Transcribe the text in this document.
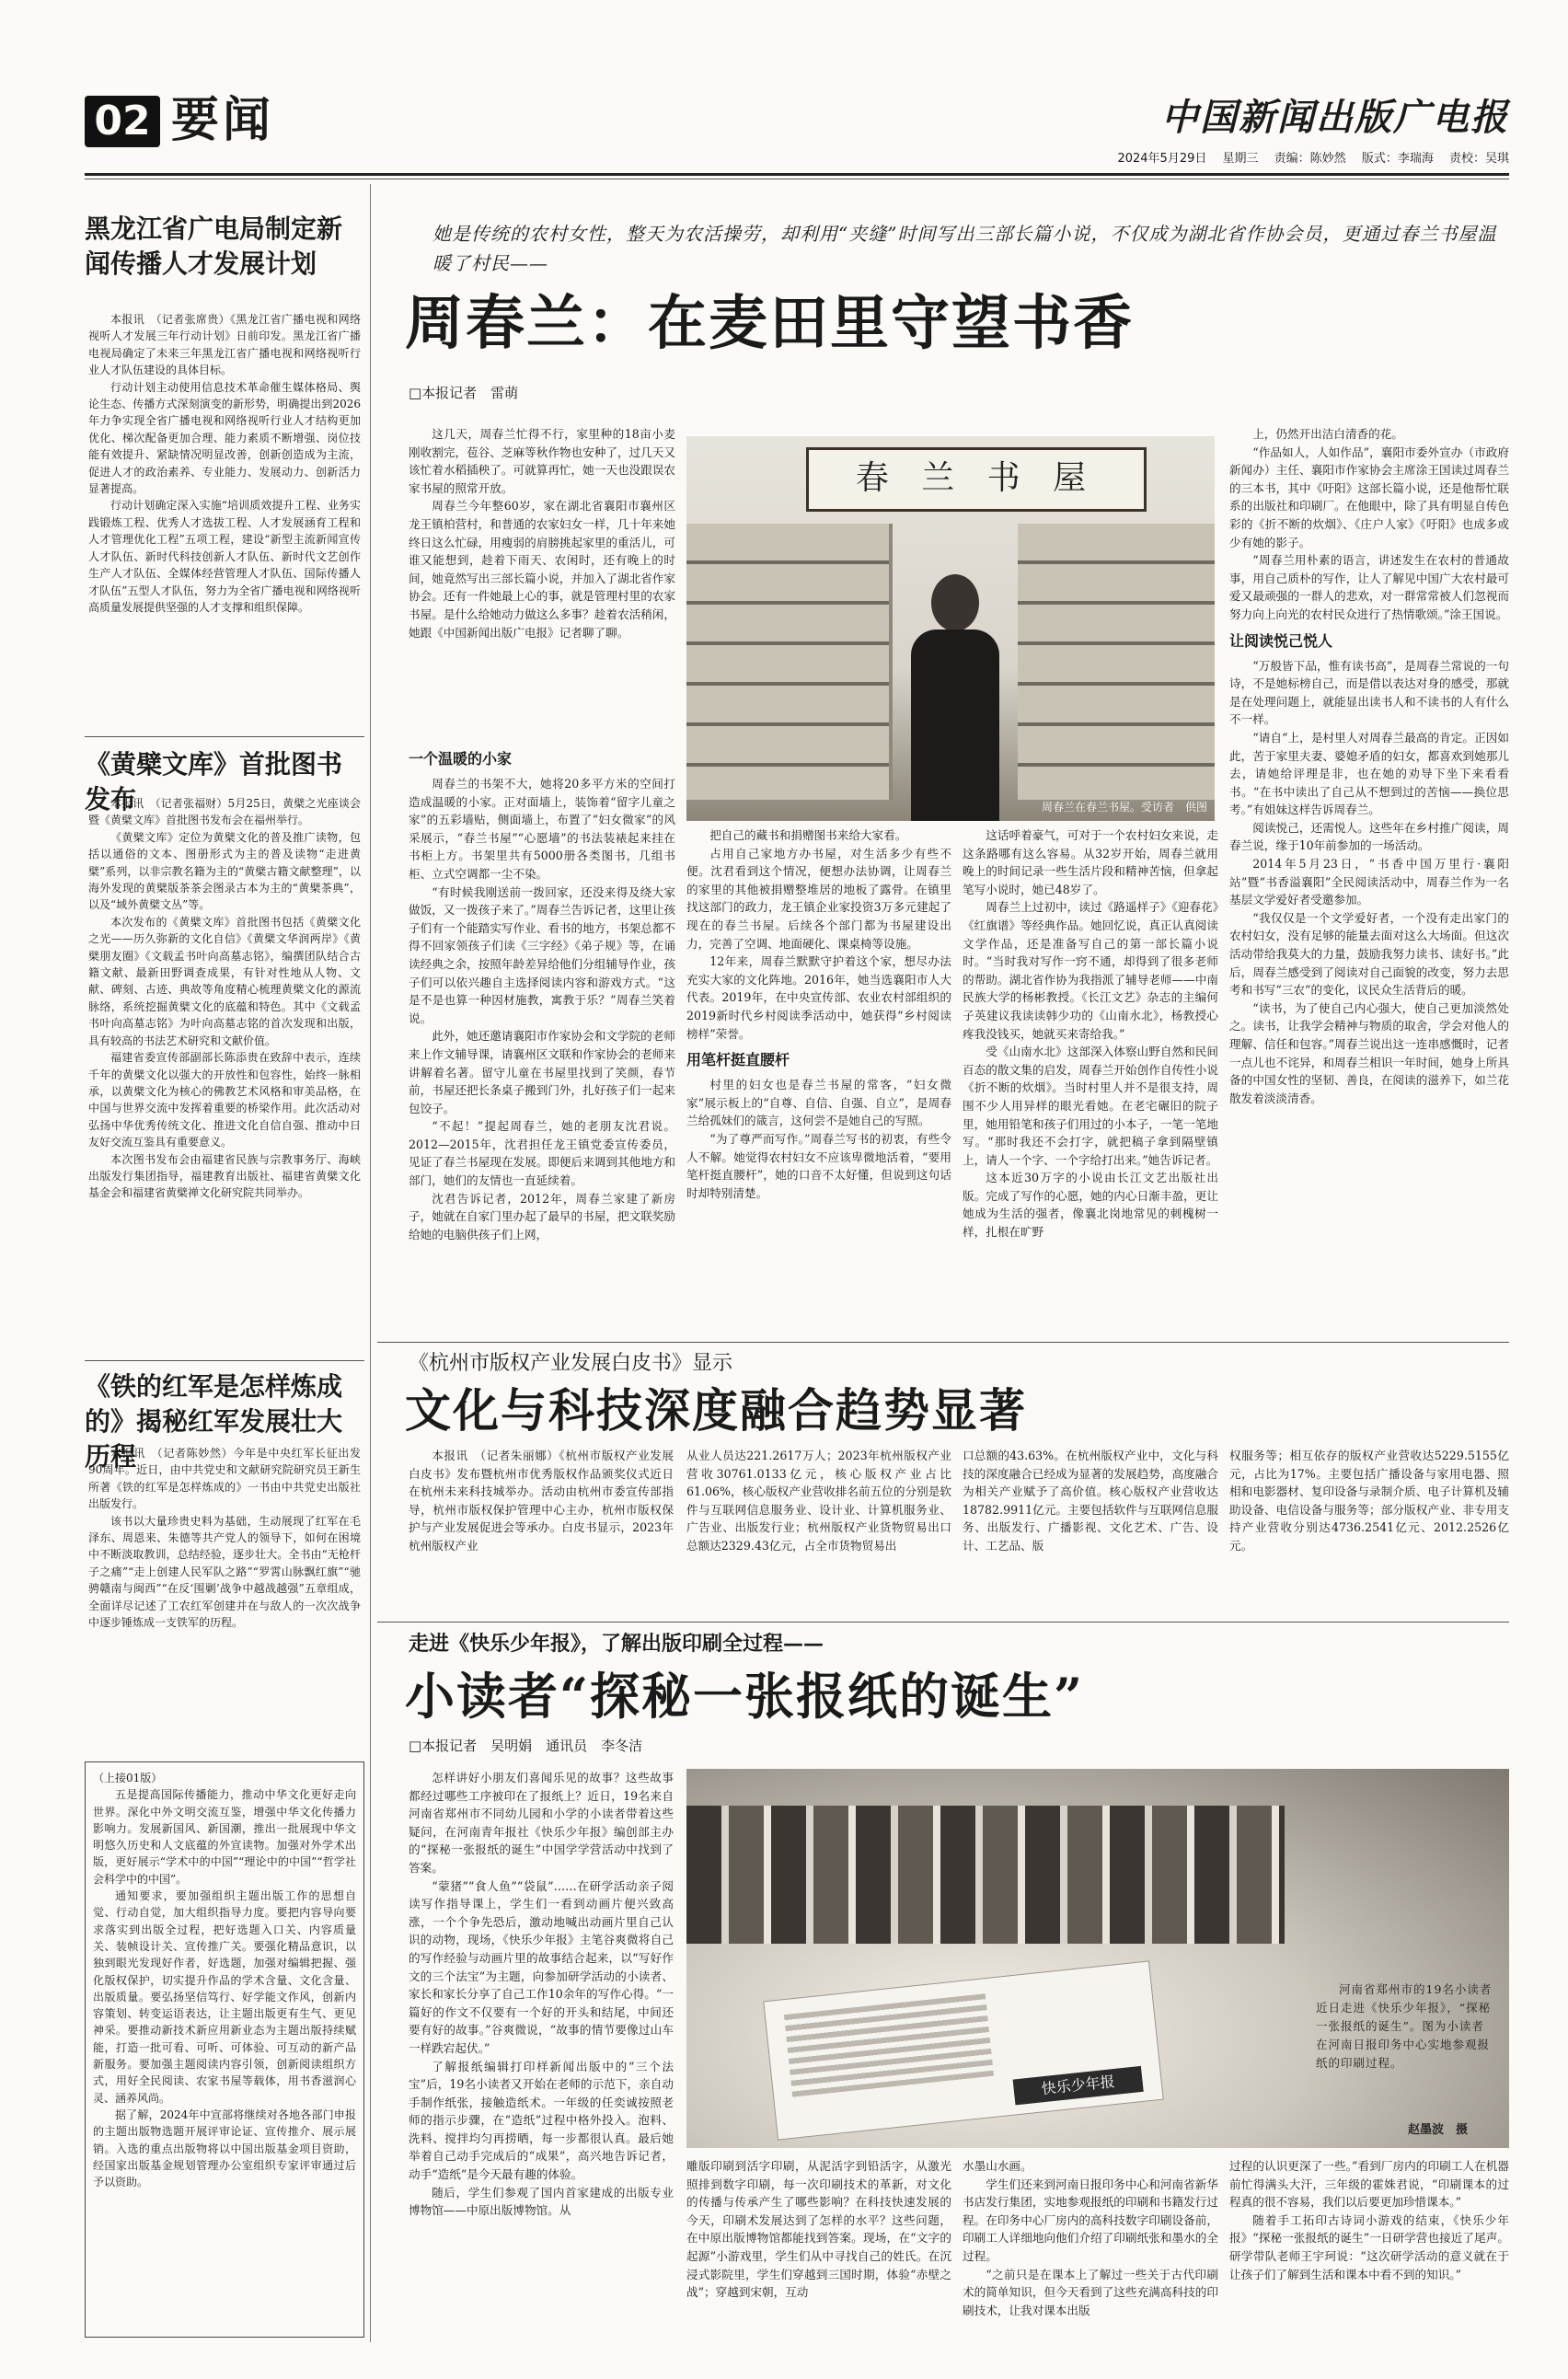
02 要闻	中国新闻出版广电报
2024年5月29日　 星期三　 责编：陈妙然　 版式：李瑞海　 责校：吴琪
黑龙江省广电局制定新闻传播人才发展计划

本报讯　（记者张席贵）《黑龙江省广播电视和网络视听人才发展三年行动计划》日前印发。黑龙江省广播电视局确定了未来三年黑龙江省广播电视和网络视听行业人才队伍建设的具体目标。

行动计划主动使用信息技术革命催生媒体格局、舆论生态、传播方式深刻演变的新形势，明确提出到2026年力争实现全省广播电视和网络视听行业人才结构更加优化、梯次配备更加合理、能力素质不断增强、岗位技能有效提升、紧缺情况明显改善，创新创造成为主流，促进人才的政治素养、专业能力、发展动力、创新活力显著提高。

行动计划确定深入实施“培训质效提升工程、业务实践锻炼工程、优秀人才选拔工程、人才发展涵育工程和人才管理优化工程”五项工程，建设“新型主流新闻宣传人才队伍、新时代科技创新人才队伍、新时代文艺创作生产人才队伍、全媒体经营管理人才队伍、国际传播人才队伍”五型人才队伍，努力为全省广播电视和网络视听高质量发展提供坚强的人才支撑和组织保障。

《黄檗文库》首批图书发布

本报讯　（记者张福财）5月25日，黄檗之光座谈会暨《黄檗文库》首批图书发布会在福州举行。

《黄檗文库》定位为黄檗文化的普及推广读物，包括以通俗的文本、图册形式为主的普及读物“走进黄檗”系列，以非宗教名籍为主的“黄檗古籍文献整理”，以海外发现的黄檗版茶茶会图录古本为主的“黄檗茶典”，以及“域外黄檗文丛”等。

本次发布的《黄檗文库》首批图书包括《黄檗文化之光——历久弥新的文化自信》《黄檗文华润两岸》《黄檗朋友圈》《文载孟书叶向高墓志铭》，编撰团队结合古籍文献、最新田野调查成果，有针对性地从人物、文献、碑刻、古迹、典故等角度精心梳理黄檗文化的源流脉络，系统挖掘黄檗文化的底蕴和特色。其中《文载孟书叶向高墓志铭》为叶向高墓志铭的首次发现和出版，具有较高的书法艺术研究和文献价值。

福建省委宣传部副部长陈添贵在致辞中表示，连续千年的黄檗文化以强大的开放性和包容性，始终一脉相承，以黄檗文化为核心的佛教艺术风格和审美品格，在中国与世界交流中发挥着重要的桥梁作用。此次活动对弘扬中华优秀传统文化、推进文化自信自强、推动中日友好交流互鉴具有重要意义。

本次图书发布会由福建省民族与宗教事务厅、海峡出版发行集团指导，福建教育出版社、福建省黄檗文化基金会和福建省黄檗禅文化研究院共同举办。

《铁的红军是怎样炼成的》揭秘红军发展壮大历程

本报讯　（记者陈妙然）今年是中央红军长征出发90周年。近日，由中共党史和文献研究院研究员王新生所著《铁的红军是怎样炼成的》一书由中共党史出版社出版发行。

该书以大量珍贵史料为基础，生动展现了红军在毛泽东、周恩来、朱德等共产党人的领导下，如何在困境中不断淡取教训，总结经验，逐步壮大。全书由“无枪杆子之痛”“走上创建人民军队之路”“罗霄山脉飘红旗”“驰骋赣南与闽西”“在反‘围剿’战争中越战越强”五章组成，全面详尽记述了工农红军创建并在与敌人的一次次战争中逐步锤炼成一支铁军的历程。

（上接01版）

五是提高国际传播能力，推动中华文化更好走向世界。深化中外文明交流互鉴，增强中华文化传播力影响力。发展新国风、新国潮，推出一批展现中华文明悠久历史和人文底蕴的外宣读物。加强对外学术出版，更好展示“学术中的中国”“理论中的中国”“哲学社会科学中的中国”。

通知要求，要加强组织主题出版工作的思想自觉、行动自觉，加大组织指导力度。要把内容导向要求落实到出版全过程，把好选题入口关、内容质量关、装帧设计关、宣传推广关。要强化精品意识，以独到眼光发现好作者，好选题，加强对编辑把握、强化版权保护，切实提升作品的学术含量、文化含量、出版质量。要弘扬坚信笃行、好学能文作风，创新内容策划、转变运语表达，让主题出版更有生气、更见神采。要推动新技术新应用新业态为主题出版持续赋能，打造一批可看、可听、可体验、可互动的新产品新服务。要加强主题阅读内容引领，创新阅读组织方式，用好全民阅读、农家书屋等载体，用书香滋润心灵、涵养风尚。

据了解，2024年中宣部将继续对各地各部门申报的主题出版物选题开展评审论证、宣传推介、展示展销。入选的重点出版物将以中国出版基金项目资助，经国家出版基金规划管理办公室组织专家评审通过后予以资助。

她是传统的农村女性，整天为农活操劳，却利用“夹缝”时间写出三部长篇小说，不仅成为湖北省作协会员，更通过春兰书屋温暖了村民——
周春兰：在麦田里守望书香
□本报记者　雷萌

这几天，周春兰忙得不行，家里种的18亩小麦刚收割完，苞谷、芝麻等秋作物也安种了，过几天又该忙着水稻插秧了。可就算再忙，她一天也没跟误农家书屋的照常开放。

周春兰今年整60岁，家在湖北省襄阳市襄州区龙王镇柏营村，和普通的农家妇女一样，几十年来她终日这么忙碌，用瘦弱的肩膀挑起家里的重活儿，可谁又能想到，趁着下雨天、农闲时，还有晚上的时间，她竟然写出三部长篇小说，并加入了湖北省作家协会。还有一件她最上心的事，就是管理村里的农家书屋。是什么给她动力做这么多事？趁着农活稍闲，她跟《中国新闻出版广电报》记者聊了聊。

一个温暖的小家

周春兰的书架不大，她将20多平方米的空间打造成温暖的小家。正对面墙上，装饰着“留字儿童之家”的五彩墙贴，侧面墙上，布置了“妇女微家”的风采展示，“春兰书屋”“心愿墙”的书法装裱起来挂在书柜上方。书架里共有5000册各类图书，几组书柜、立式空调都一尘不染。

“有时候我刚送前一拨回家，还没来得及绕大家做饭，又一拨孩子来了。”周春兰告诉记者，这里让孩子们有一个能踏实写作业、看书的地方，书架总都不得不回家领孩子们读《三字经》《弟子规》等，在诵读经典之余，按照年龄差异给他们分组辅导作业，孩子们可以依兴趣自主选择阅读内容和游戏方式。“这是不是也算一种因材施教，寓教于乐？”周春兰笑着说。

此外，她还邀请襄阳市作家协会和文学院的老师来上作文辅导课，请襄州区文联和作家协会的老师来讲解着名著。留守儿童在书屋里找到了笑颜，春节前，书屋还把长条桌子搬到门外，扎好孩子们一起来包饺子。

“不起！”提起周春兰，她的老朋友沈君说。2012—2015年，沈君担任龙王镇党委宣传委员，见证了春兰书屋现在发展。即便后来调到其他地方和部门，她们的友情也一直延续着。

沈君告诉记者，2012年，周春兰家建了新房子，她就在自家门里办起了最早的书屋，把文联奖励给她的电脑供孩子们上网，

春 兰 书 屋
周春兰在春兰书屋。受访者　供图

把自己的藏书和捐赠图书来给大家看。

占用自己家地方办书屋，对生活多少有些不便。沈君看到这个情况，便想办法协调，让周春兰的家里的其他被捐赠整堆居的地板了露骨。在镇里找这部门的政力，龙王镇企业家投资3万多元建起了现在的春兰书屋。后续各个部门都为书屋建设出力，完善了空调、地面硬化、课桌椅等设施。

12年来，周春兰默默守护着这个家，想尽办法充实大家的文化阵地。2016年，她当选襄阳市人大代表。2019年，在中央宣传部、农业农村部组织的2019新时代乡村阅读季活动中，她获得“乡村阅读榜样”荣誉。

用笔杆挺直腰杆

村里的妇女也是春兰书屋的常客，“妇女微家”展示板上的“自尊、自信、自强、自立”，是周春兰给孤妹们的箴言，这何尝不是她自己的写照。

“为了尊严而写作。”周春兰写书的初衷，有些令人不解。她觉得农村妇女不应该卑微地活着，“要用笔杆挺直腰杆”，她的口音不太好懂，但说到这句话时却特别清楚。

这话呼着豪气，可对于一个农村妇女来说，走这条路哪有这么容易。从32岁开始，周春兰就用晚上的时间记录一些生活片段和精神苦恼，但拿起笔写小说时，她已48岁了。

周春兰上过初中，读过《路遥样子》《迎春花》《红旗谱》等经典作品。她回忆说，真正认真阅读文学作品，还是准备写自己的第一部长篇小说时。“当时我对写作一窍不通，却得到了很多老师的帮助。湖北省作协为我指派了辅导老师——中南民族大学的杨彬教授。《长江文艺》杂志的主编何子英建议我读读韩少功的《山南水北》，杨教授心疼我没钱买，她就买来寄给我。”

受《山南水北》这部深入体察山野自然和民间百态的散文集的启发，周春兰开始创作自传性小说《折不断的炊烟》。当时村里人并不是很支持，周围不少人用异样的眼光看她。在老宅碾旧的院子里，她用铅笔和孩子们用过的小本子，一笔一笔地写。“那时我还不会打字，就把稿子拿到隔壁镇上，请人一个字、一个字给打出来。”她告诉记者。

这本近30万字的小说由长江文艺出版社出版。完成了写作的心愿，她的内心日渐丰盈，更让她成为生活的强者，像襄北岗地常见的刺槐树一样，扎根在旷野

上，仍然开出洁白清香的花。

“作品如人，人如作品”，襄阳市委外宣办（市政府新闻办）主任、襄阳市作家协会主席涂王国读过周春兰的三本书，其中《吁阳》这部长篇小说，还是他帮忙联系的出版社和印刷厂。在他眼中，除了具有明显自传色彩的《折不断的炊烟》、《庄户人家》《吁阳》也成多或少有她的影子。

“周春兰用朴素的语言，讲述发生在农村的普通故事，用自己质朴的写作，让人了解见中国广大农村最可爱又最顽强的一群人的悲欢，对一群常常被人们忽视而努力向上向光的农村民众进行了热情歌颂。”涂王国说。

让阅读悦己悦人

“万般皆下品，惟有读书高”，是周春兰常说的一句诗，不是她标榜自己，而是借以表达对身的感受，那就是在处理问题上，就能显出读书人和不读书的人有什么不一样。

“请自“上，是村里人对周春兰最高的肯定。正因如此，苦于家里夫妻、婆媳矛盾的妇女，都喜欢到她那儿去，请她给评理是非，也在她的劝导下坐下来看看书。“在书中读出了自己从不想到过的苦恼——换位思考。”有姐妹这样告诉周春兰。

阅读悦己，还需悦人。这些年在乡村推广阅读，周春兰说，缘于10年前参加的一场活动。

2014年5月23日，“书香中国万里行·襄阳站”暨“书香溢襄阳”全民阅读活动中，周春兰作为一名基层文学爱好者受邀参加。

“我仅仅是一个文学爱好者，一个没有走出家门的农村妇女，没有足够的能量去面对这么大场面。但这次活动带给我莫大的力量，鼓励我努力读书、读好书。”此后，周春兰感受到了阅读对自己面貌的改变，努力去思考和书写“三农”的变化，议民众生活背后的暖。

“读书，为了使自己内心强大，使自己更加淡然处之。读书，让我学会精神与物质的取舍，学会对他人的理解、信任和包容。”周春兰说出这一连串感慨时，记者一点儿也不诧异，和周春兰相识一年时间，她身上所具备的中国女性的坚韧、善良，在阅读的滋养下，如兰花散发着淡淡清香。

《杭州市版权产业发展白皮书》显示
文化与科技深度融合趋势显著

本报讯　（记者朱丽娜）《杭州市版权产业发展白皮书》发布暨杭州市优秀版权作品颁奖仪式近日在杭州未来科技城举办。活动由杭州市委宣传部指导，杭州市版权保护管理中心主办，杭州市版权保护与产业发展促进会等承办。白皮书显示，2023年杭州版权产业

从业人员达221.2617万人；2023年杭州版权产业营收30761.0133亿元，核心版权产业占比61.06%，核心版权产业营收排名前五位的分别是软件与互联网信息服务业、设计业、计算机服务业、广告业、出版发行业；杭州版权产业货物贸易出口总额达2329.43亿元，占全市货物贸易出

口总额的43.63%。在杭州版权产业中，文化与科技的深度融合已经成为显著的发展趋势，高度融合为相关产业赋予了高价值。核心版权产业营收达18782.9911亿元。主要包括软件与互联网信息服务、出版发行、广播影视、文化艺术、广告、设计、工艺品、版

权服务等；相互依存的版权产业营收达5229.5155亿元，占比为17%。主要包括广播设备与家用电器、照相和电影器材、复印设备与录制介质、电子计算机及辅助设备、电信设备与服务等；部分版权产业、非专用支持产业营收分别达4736.2541亿元、2012.2526亿元。

走进《快乐少年报》，了解出版印刷全过程——
小读者“探秘一张报纸的诞生”
□本报记者　吴明娟　通讯员　李冬洁

怎样讲好小朋友们喜闻乐见的故事？这些故事都经过哪些工序被印在了报纸上？近日，19名来自河南省郑州市不同幼儿园和小学的小读者带着这些疑问，在河南青年报社《快乐少年报》编创部主办的“探秘一张报纸的诞生”中国学学营活动中找到了答案。

“蒙猪”“食人鱼”“袋鼠”……在研学活动亲子阅读写作指导课上，学生们一看到动画片便兴致高涨，一个个争先恐后，激动地喊出动画片里自己认识的动物，现场，《快乐少年报》主笔谷爽微将自己的写作经验与动画片里的故事结合起来，以“写好作文的三个法宝”为主题，向参加研学活动的小读者、家长和家长分享了自己工作10余年的写作心得。“一篇好的作文不仅要有一个好的开头和结尾，中间还要有好的故事。”谷爽微说，“故事的情节要像过山车一样跌宕起伏。”

了解报纸编辑打印样新闻出版中的“三个法宝”后，19名小读者又开始在老师的示范下，亲自动手制作纸张，接触造纸术。一年级的任奕诚按照老师的指示步骤，在“造纸”过程中格外投入。泡料、洗料、搅拌均匀再捞晒，每一步都很认真。最后她举着自己动手完成后的“成果”，高兴地告诉记者，动手“造纸”是今天最有趣的体验。

随后，学生们参观了国内首家建成的出版专业博物馆——中原出版博物馆。从

快乐少年报
河南省郑州市的19名小读者近日走进《快乐少年报》，“探秘一张报纸的诞生”。图为小读者在河南日报印务中心实地参观报纸的印刷过程。
赵墨波　摄

雕版印刷到活字印刷，从泥活字到铅活字，从激光照排到数字印刷，每一次印刷技术的革新，对文化的传播与传承产生了哪些影响？在科技快速发展的今天，印刷术发展达到了怎样的水平？这些问题，在中原出版博物馆都能找到答案。现场，在“文字的起源”小游戏里，学生们从中寻找自己的姓氏。在沉浸式影院里，学生们穿越到三国时期，体验“赤壁之战”；穿越到宋朝，互动

水墨山水画。

学生们还来到河南日报印务中心和河南省新华书店发行集团，实地参观报纸的印刷和书籍发行过程。在印务中心厂房内的高科技数字印刷设备前，印刷工人详细地向他们介绍了印刷纸张和墨水的全过程。

“之前只是在课本上了解过一些关于古代印刷术的简单知识，但今天看到了这些充满高科技的印刷技术，让我对课本出版

过程的认识更深了一些。”看到厂房内的印刷工人在机器前忙得满头大汗，三年级的霍姝君说，“印刷课本的过程真的很不容易，我们以后要更加珍惜课本。”

随着手工拓印古诗词小游戏的结束，《快乐少年报》“探秘一张报纸的诞生”一日研学营也接近了尾声。研学带队老师王宇珂说：“这次研学活动的意义就在于让孩子们了解到生活和课本中看不到的知识。”
